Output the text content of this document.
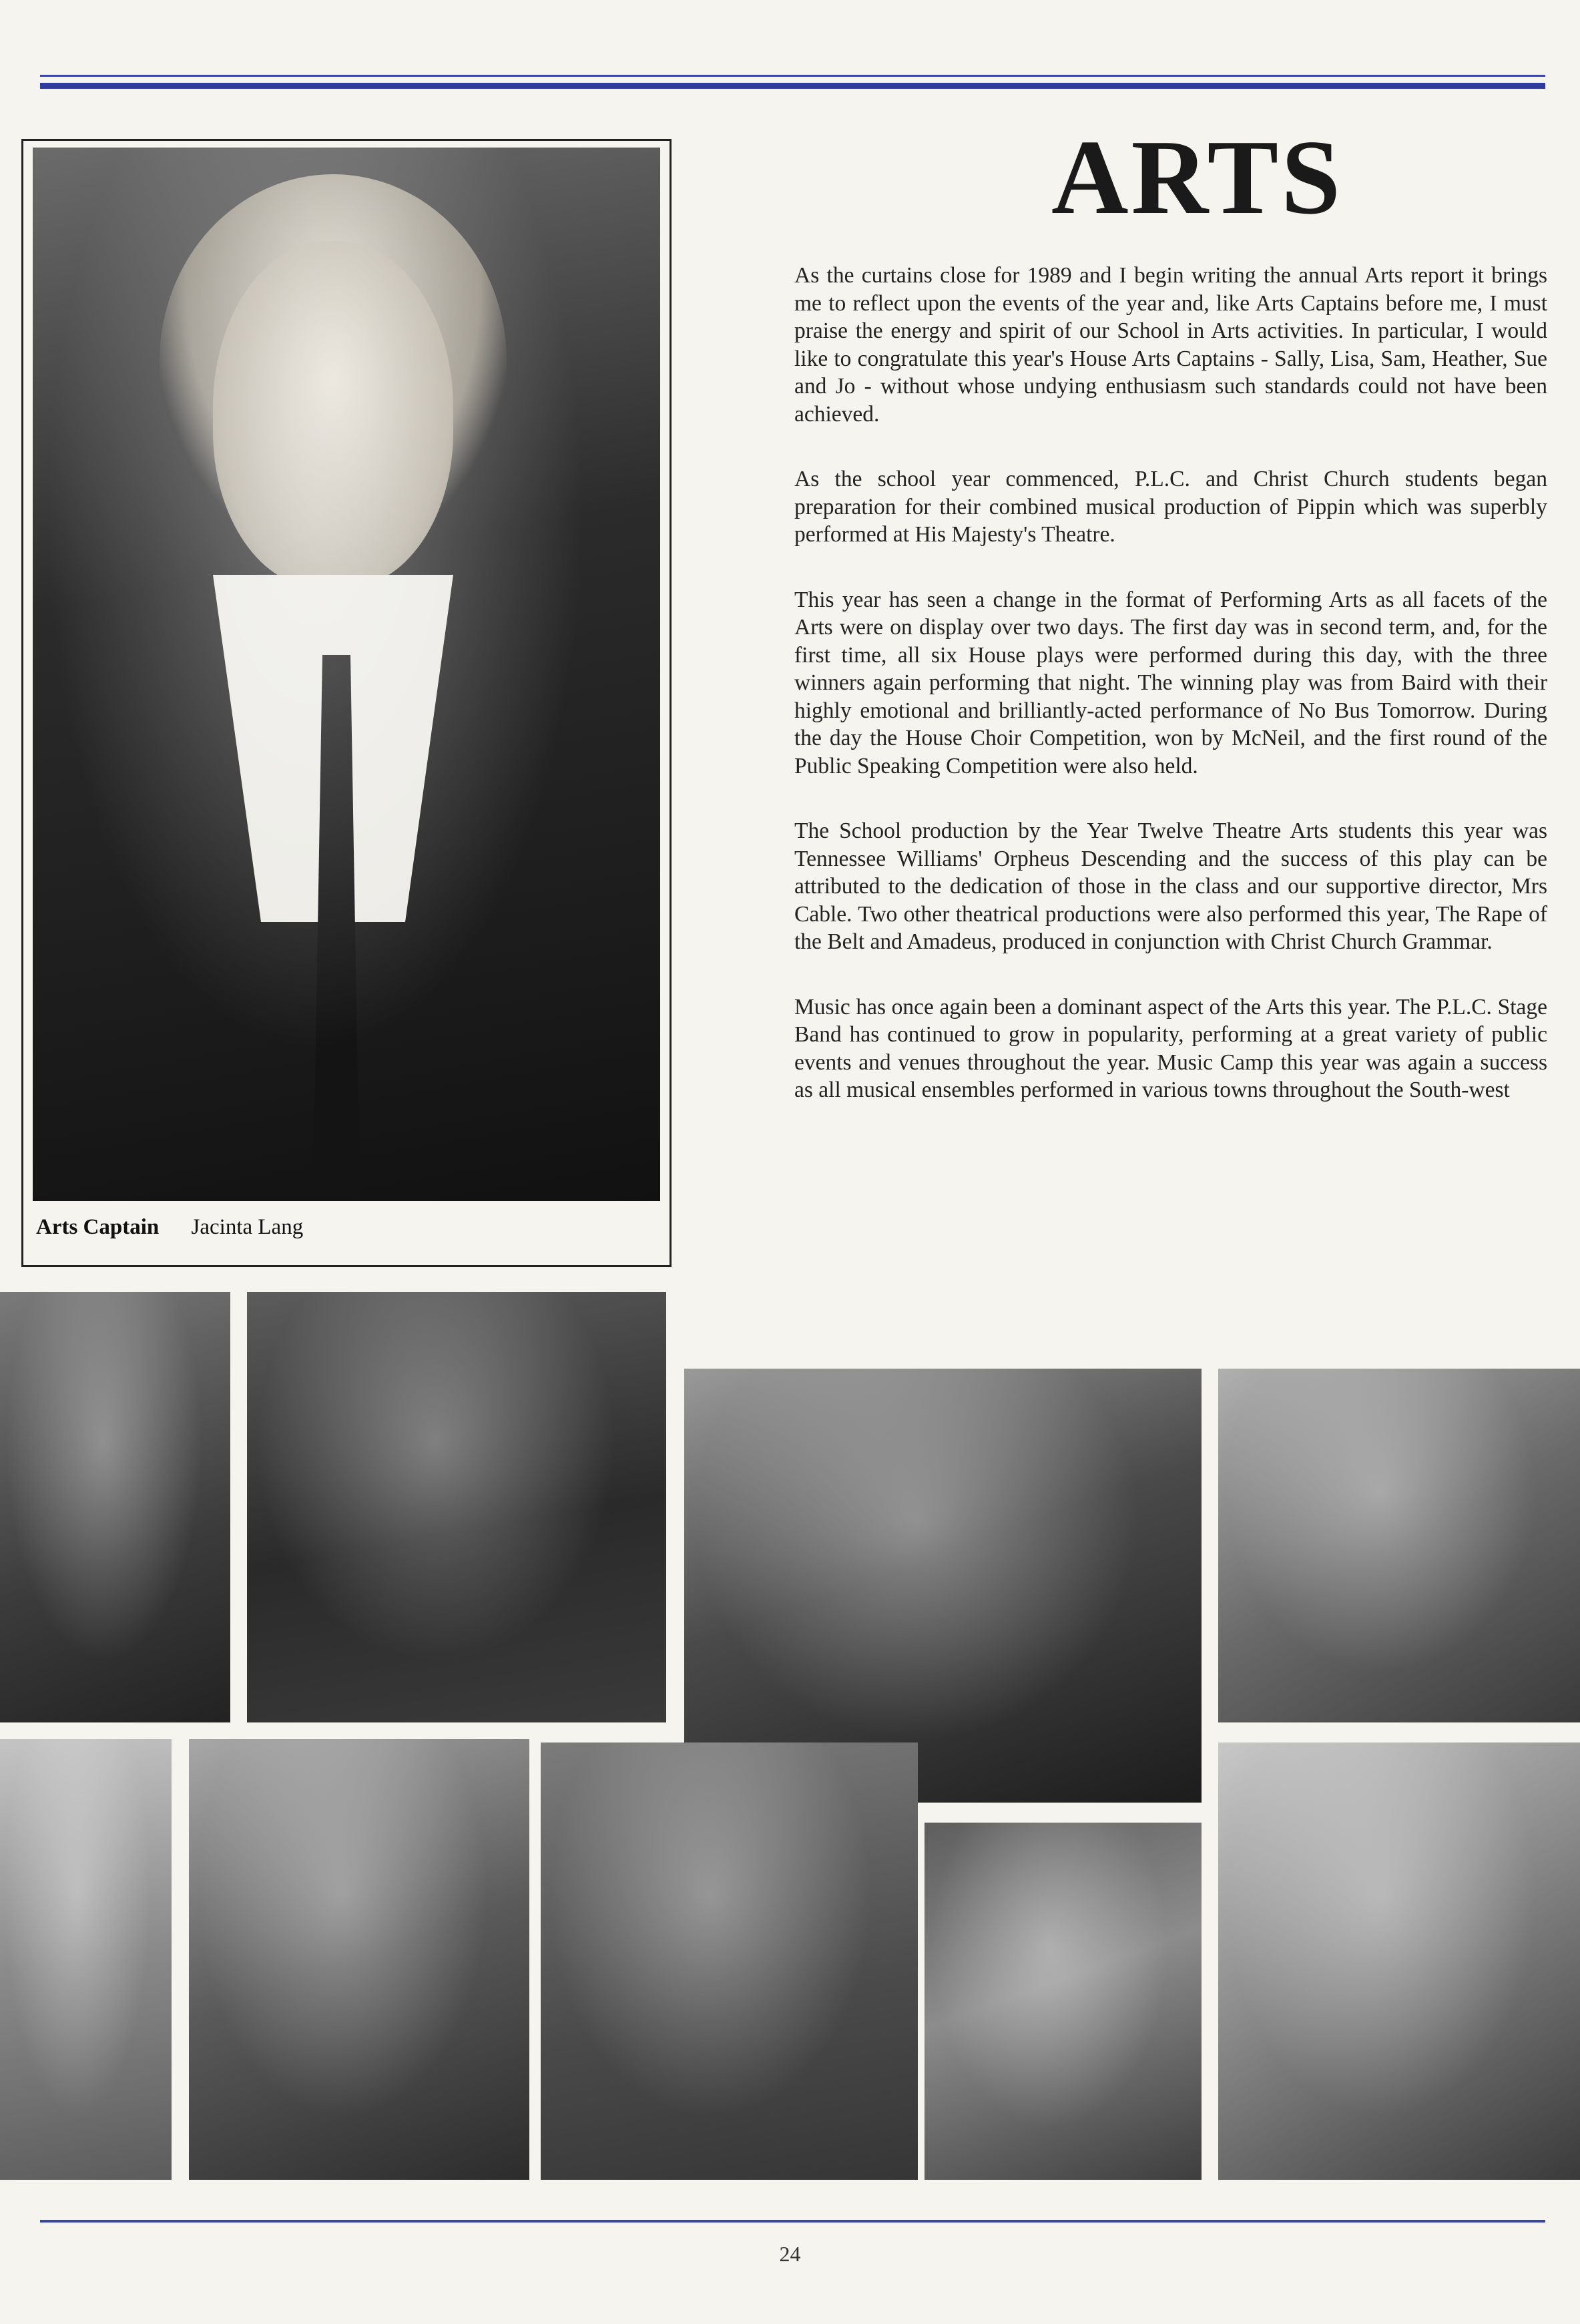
Arts Captain Jacinta Lang
ARTS

As the curtains close for 1989 and I begin writing the annual Arts report it brings me to reflect upon the events of the year and, like Arts Captains before me, I must praise the energy and spirit of our School in Arts activities. In particular, I would like to congratulate this year's House Arts Captains - Sally, Lisa, Sam, Heather, Sue and Jo - without whose undying enthusiasm such standards could not have been achieved.

As the school year commenced, P.L.C. and Christ Church students began preparation for their combined musical production of Pippin which was superbly performed at His Majesty's Theatre.

This year has seen a change in the format of Performing Arts as all facets of the Arts were on display over two days. The first day was in second term, and, for the first time, all six House plays were performed during this day, with the three winners again performing that night. The winning play was from Baird with their highly emotional and brilliantly-acted performance of No Bus Tomorrow. During the day the House Choir Competition, won by McNeil, and the first round of the Public Speaking Competition were also held.

The School production by the Year Twelve Theatre Arts students this year was Tennessee Williams' Orpheus Descending and the success of this play can be attributed to the dedication of those in the class and our supportive director, Mrs Cable. Two other theatrical productions were also performed this year, The Rape of the Belt and Amadeus, produced in conjunction with Christ Church Grammar.

Music has once again been a dominant aspect of the Arts this year. The P.L.C. Stage Band has continued to grow in popularity, performing at a great variety of public events and venues throughout the year. Music Camp this year was again a success as all musical ensembles performed in various towns throughout the South-west

24
